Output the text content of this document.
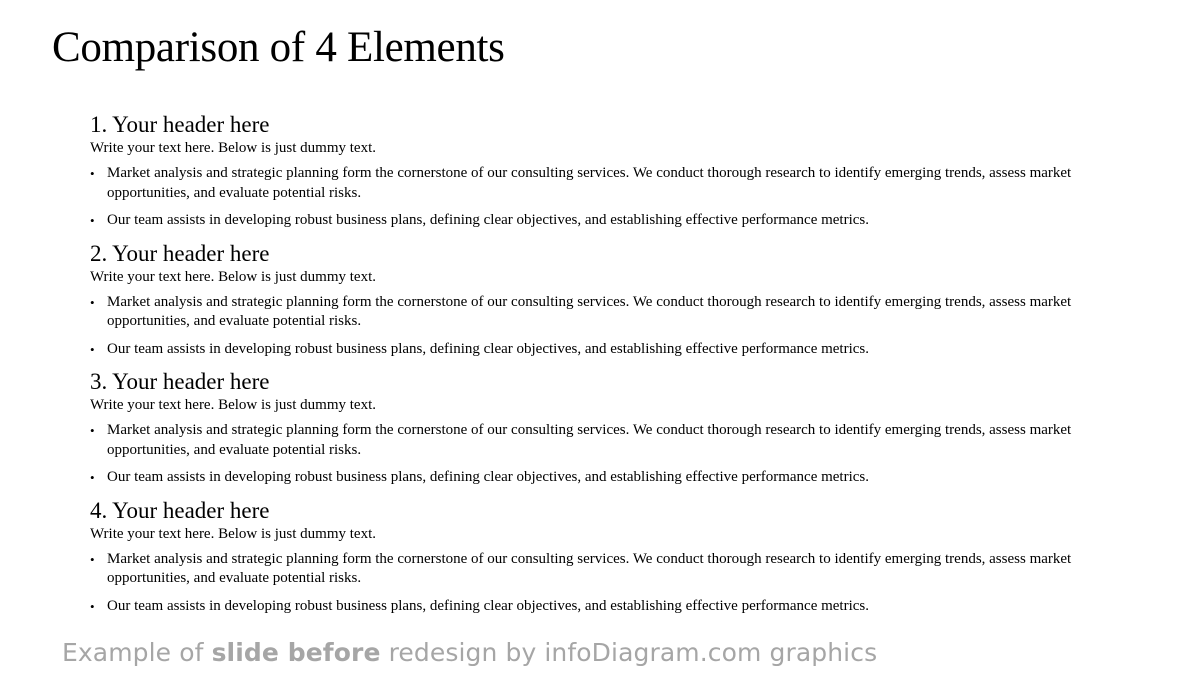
Comparison of 4 Elements
1. Your header here

Write your text here. Below is just dummy text.

• Market analysis and strategic planning form the cornerstone of our consulting services. We conduct thorough research to identify emerging trends, assess market opportunities, and evaluate potential risks.
• Our team assists in developing robust business plans, defining clear objectives, and establishing effective performance metrics.
2. Your header here

Write your text here. Below is just dummy text.

• Market analysis and strategic planning form the cornerstone of our consulting services. We conduct thorough research to identify emerging trends, assess market opportunities, and evaluate potential risks.
• Our team assists in developing robust business plans, defining clear objectives, and establishing effective performance metrics.
3. Your header here

Write your text here. Below is just dummy text.

• Market analysis and strategic planning form the cornerstone of our consulting services. We conduct thorough research to identify emerging trends, assess market opportunities, and evaluate potential risks.
• Our team assists in developing robust business plans, defining clear objectives, and establishing effective performance metrics.
4. Your header here

Write your text here. Below is just dummy text.

• Market analysis and strategic planning form the cornerstone of our consulting services. We conduct thorough research to identify emerging trends, assess market opportunities, and evaluate potential risks.
• Our team assists in developing robust business plans, defining clear objectives, and establishing effective performance metrics.

Example of slide before redesign by infoDiagram.com graphics
